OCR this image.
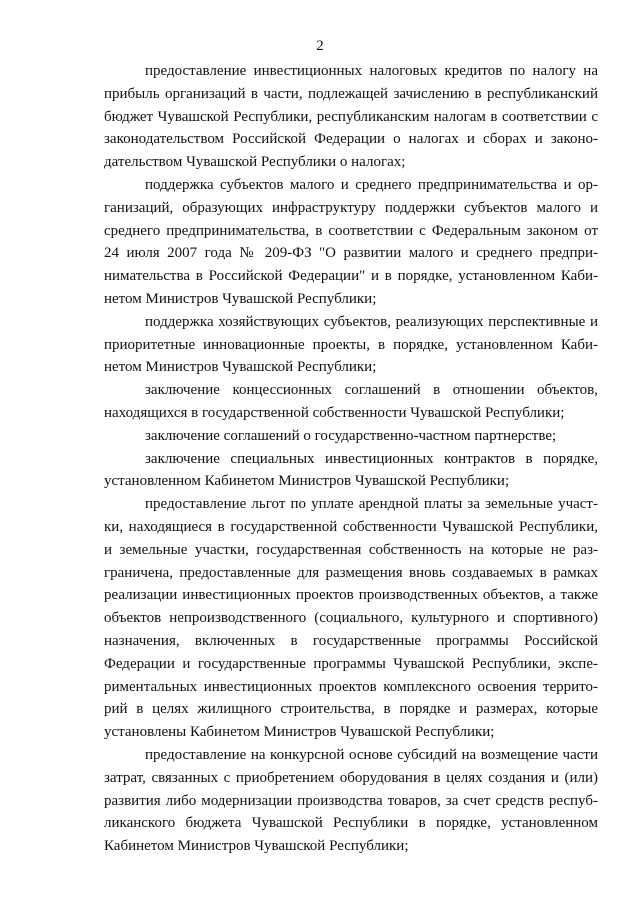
2

предоставление инвестиционных налоговых кредитов по налогу на прибыль организаций в части, подлежащей зачислению в республиканский бюджет Чувашской Республики, республиканским налогам в соответствии с законодательством Российской Федерации о налогах и сборах и законодательством Чувашской Республики о налогах;

поддержка субъектов малого и среднего предпринимательства и организаций, образующих инфраструктуру поддержки субъектов малого и среднего предпринимательства, в соответствии с Федеральным законом от 24 июля 2007 года № 209-ФЗ "О развитии малого и среднего предпринимательства в Российской Федерации" и в порядке, установленном Кабинетом Министров Чувашской Республики;

поддержка хозяйствующих субъектов, реализующих перспективные и приоритетные инновационные проекты, в порядке, установленном Кабинетом Министров Чувашской Республики;

заключение концессионных соглашений в отношении объектов, находящихся в государственной собственности Чувашской Республики;

заключение соглашений о государственно-частном партнерстве;

заключение специальных инвестиционных контрактов в порядке, установленном Кабинетом Министров Чувашской Республики;

предоставление льгот по уплате арендной платы за земельные участки, находящиеся в государственной собственности Чувашской Республики, и земельные участки, государственная собственность на которые не разграничена, предоставленные для размещения вновь создаваемых в рамках реализации инвестиционных проектов производственных объектов, а также объектов непроизводственного (социального, культурного и спортивного) назначения, включенных в государственные программы Российской Федерации и государственные программы Чувашской Республики, экспериментальных инвестиционных проектов комплексного освоения территорий в целях жилищного строительства, в порядке и размерах, которые установлены Кабинетом Министров Чувашской Республики;

предоставление на конкурсной основе субсидий на возмещение части затрат, связанных с приобретением оборудования в целях создания и (или) развития либо модернизации производства товаров, за счет средств республиканского бюджета Чувашской Республики в порядке, установленном Кабинетом Министров Чувашской Республики;
